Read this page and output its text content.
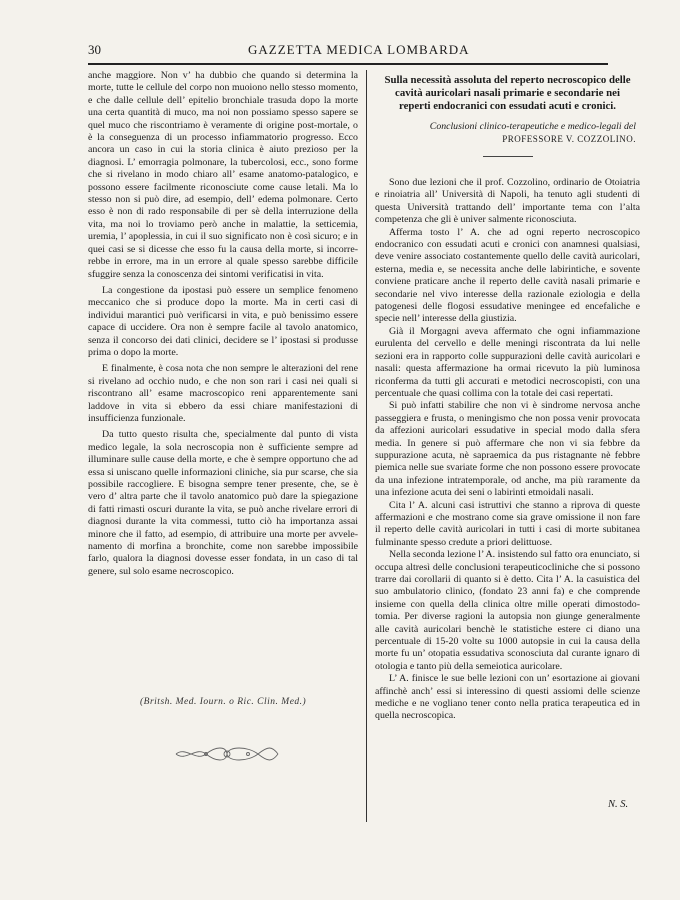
30	GAZZETTA MEDICA LOMBARDA

anche maggiore. Non v’ ha dubbio che quando si determina la morte, tutte le cellule del corpo non muoiono nello stesso momento, e che dalle cellule dell’ epitelio bronchiale trasuda dopo la morte una certa quantità di muco, ma noi non possiamo spesso sapere se quel muco che riscontriamo è veramente di origine post-mortale, o è la conseguenza di un processo infiammatorio progresso. Ecco ancora un caso in cui la storia clinica è aiuto prezioso per la diagnosi. L’ emorragia polmonare, la tubercolosi, ecc., sono forme che si rivelano in modo chiaro all’ esame anatomo-patalogico, e possono essere facilmente riconosciute come cause letali. Ma lo stesso non si può dire, ad esempio, dell’ edema polmonare. Certo esso è non di rado responsabile di per sè della interruzione della vita, ma noi lo troviamo però anche in malattie, la setticemia, uremia, l’ apoplessia, in cui il suo significato non è così sicuro; e in quei casi se si dicesse che esso fu la causa della morte, si incorrerebbe in errore, ma in un errore al quale spesso sarebbe difficile sfuggire senza la conoscenza dei sintomi verificatisi in vita.

La congestione da ipostasi può essere un semplice fenomeno meccanico che si produce dopo la morte. Ma in certi casi di individui marantici può verificarsi in vita, e può benissimo essere capace di uccidere. Ora non è sempre facile al tavolo anatomico, senza il concorso dei dati clinici, decidere se l’ ipostasi si produsse prima o dopo la morte.

E finalmente, è cosa nota che non sempre le alterazioni del rene si rivelano ad occhio nudo, e che non son rari i casi nei quali si riscontrano all’ esame macroscopico reni apparentemente sani laddove in vita si ebbero da essi chiare manifestazioni di insufficienza funzionale.

Da tutto questo risulta che, specialmente dal punto di vista medico legale, la sola necroscopia non è sufficiente sempre ad illuminare sulle cause della morte, e che è sempre opportuno che ad essa si uniscano quelle informazioni cliniche, sia pur scarse, che sia possibile raccogliere. E bisogna sempre tener presente, che, se è vero d’ altra parte che il tavolo anatomico può dare la spiegazione di fatti rimasti oscuri durante la vita, se può anche rivelare errori di diagnosi durante la vita commessi, tutto ciò ha importanza assai minore che il fatto, ad esempio, di attribuire una morte per avvelenamento di morfina a bronchite, come non sarebbe impossibile farlo, qualora la diagnosi dovesse esser fondata, in un caso di tal genere, sul solo esame necroscopico.

(Britsh. Med. Iourn. o Ric. Clin. Med.)
Sulla necessità assoluta del reperto necroscopico delle cavità auricolari nasali primarie e secondarie nei reperti endocranici con essudati acuti e cronici.
Conclusioni clinico-terapeutiche e medico-legali del PROFESSORE V. COZZOLINO.

Sono due lezioni che il prof. Cozzolino, ordinario de Otoiatria e rinoiatria all’ Università di Napoli, ha tenuto agli studenti di questa Università trattando dell’ importante tema con l’alta competenza che gli è univer salmente riconosciuta.

Afferma tosto l’ A. che ad ogni reperto necroscopico endocranico con essudati acuti e cronici con anamnesi qualsiasi, deve venire associato costantemente quello delle cavità auricolari, esterna, media e, se necessita anche delle labirintiche, e sovente conviene praticare anche il reperto delle cavità nasali primarie e secondarie nel vivo interesse della razionale eziologia e della patogenesi delle flogosi essudative meningee ed encefaliche e specie nell’ interesse della giustizia.

Già il Morgagni aveva affermato che ogni infiammazione eurulenta del cervello e delle meningi riscontrata da lui nelle sezioni era in rapporto colle suppurazioni delle cavità auricolari e nasali: questa affermazione ha ormai ricevuto la più luminosa riconferma da tutti gli accurati e metodici necroscopisti, con una percentuale che quasi collima con la totale dei casi repertati.

Si può infatti stabilire che non vi è sindrome nervosa anche passeggiera e frusta, o meningismo che non possa venir provocata da affezioni auricolari essudative in special modo dalla sfera media. In genere si può affermare che non vi sia febbre da suppurazione acuta, nè sapraemica da pus ristagnante nè febbre piemica nelle sue svariate forme che non possono essere provocate da una infezione intratemporale, od anche, ma più raramente da una infezione acuta dei seni o labirinti etmoidali nasali.

Cita l’ A. alcuni casi istruttivi che stanno a riprova di queste affermazioni e che mostrano come sia grave omissione il non fare il reperto delle cavità auricolari in tutti i casi di morte subitanea fulminante spesso credute a priori delittuose.

Nella seconda lezione l’ A. insistendo sul fatto ora enunciato, si occupa altresì delle conclusioni terapeuticocliniche che si possono trarre dai corollarii di quanto si è detto. Cita l’ A. la casuistica del suo ambulatorio clinico, (fondato 23 anni fa) e che comprende insieme con quella della clinica oltre mille operati dimostodotomia. Per diverse ragioni la autopsia non giunge generalmente alle cavità auricolari benchè le statistiche estere ci diano una percentuale di 15-20 volte su 1000 autopsie in cui la causa della morte fu un’ otopatia essudativa sconosciuta dal curante ignaro di otologia e tanto più della semeiotica auricolare.

L’ A. finisce le sue belle lezioni con un’ esortazione ai giovani affinchè anch’ essi si interessino di questi assiomi delle scienze mediche e ne vogliano tener conto nella pratica terapeutica ed in quella necroscopica.

N. S.
